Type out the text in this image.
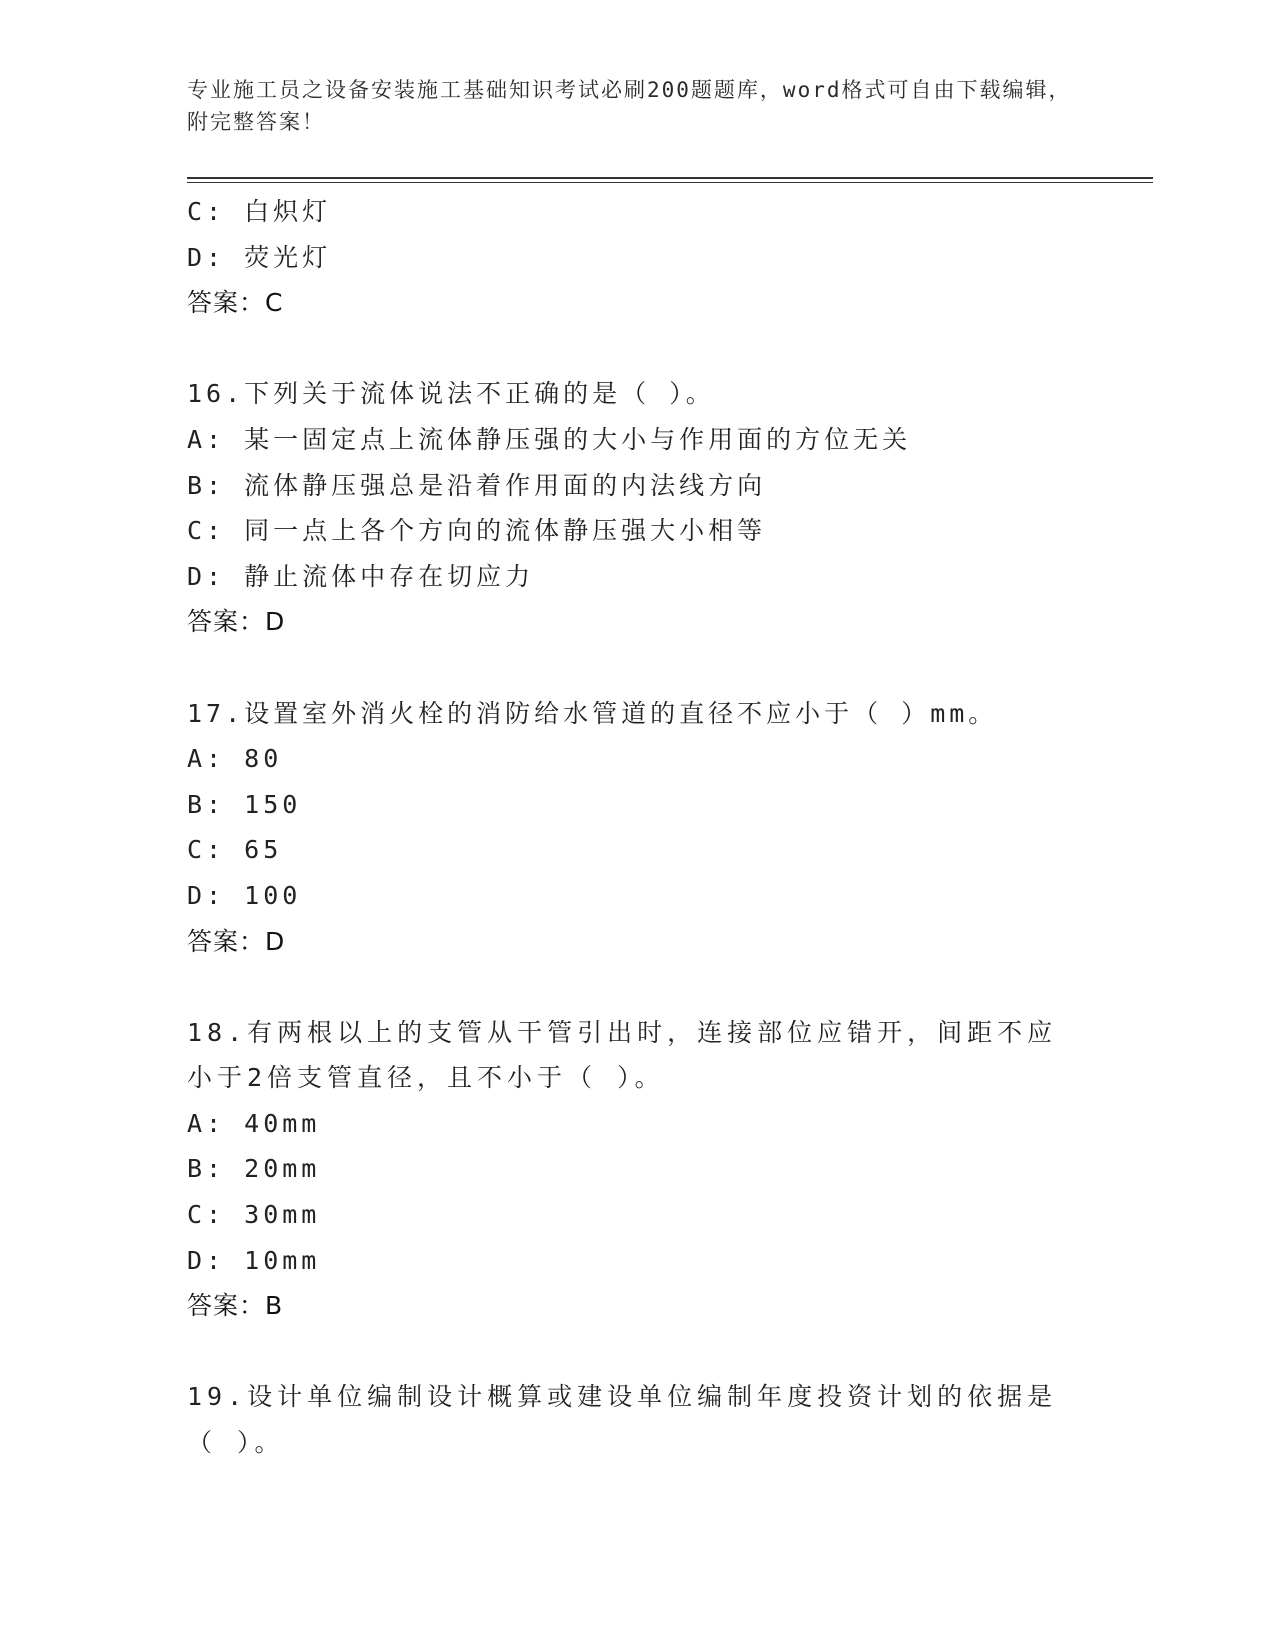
专业施工员之设备安装施工基础知识考试必刷200题题库，word格式可自由下载编辑，附完整答案！
C: 白炽灯
D: 荧光灯
答案：C
16.下列关于流体说法不正确的是（ ）。
A: 某一固定点上流体静压强的大小与作用面的方位无关
B: 流体静压强总是沿着作用面的内法线方向
C: 同一点上各个方向的流体静压强大小相等
D: 静止流体中存在切应力
答案：D
17.设置室外消火栓的消防给水管道的直径不应小于（ ）mm。
A: 80
B: 150
C: 65
D: 100
答案：D
18.有两根以上的支管从干管引出时，连接部位应错开，间距不应小于2倍支管直径，且不小于（ ）。
A: 40mm
B: 20mm
C: 30mm
D: 10mm
答案：B
19.设计单位编制设计概算或建设单位编制年度投资计划的依据是（ ）。
